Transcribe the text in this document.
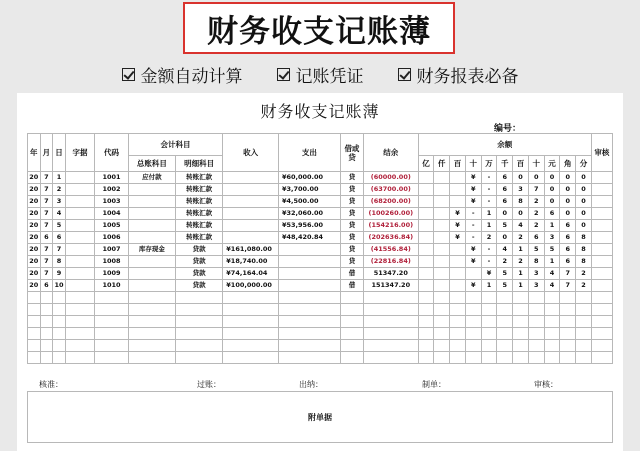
财务收支记账薄
金额自动计算	记账凭证	财务报表必备
财务收支记账薄
编号：
年	月	日	字据	代码	会计科目		收入	支出	借或贷	结余	余额											审核
					总账科目	明细科目					亿	仟	百	十	万	千	百	十	元	角	分	
20	7	1		1001	应付款	转账汇款		¥60,000.00	贷	(60000.00)				¥	-	6	0	0	0	0	0	
20	7	2		1002		转账汇款		¥3,700.00	贷	(63700.00)				¥	-	6	3	7	0	0	0	
20	7	3		1003		转账汇款		¥4,500.00	贷	(68200.00)				¥	-	6	8	2	0	0	0	
20	7	4		1004		转账汇款		¥32,060.00	贷	(100260.00)			¥	-	1	0	0	2	6	0	0	
20	7	5		1005		转账汇款		¥53,956.00	贷	(154216.00)			¥	-	1	5	4	2	1	6	0	
20	6	6		1006		转账汇款		¥48,420.84	贷	(202636.84)			¥	-	2	0	2	6	3	6	8	
20	7	7		1007	库存现金	贷款	¥161,080.00		贷	(41556.84)				¥	-	4	1	5	5	6	8	
20	7	8		1008		贷款	¥18,740.00		贷	(22816.84)				¥	-	2	2	8	1	6	8	
20	7	9		1009		贷款	¥74,164.04		借	51347.20					¥	5	1	3	4	7	2	
20	6	10		1010		贷款	¥100,000.00		借	151347.20				¥	1	5	1	3	4	7	2	

核准：	过账：	出纳：	制单：	审核：
附单据
